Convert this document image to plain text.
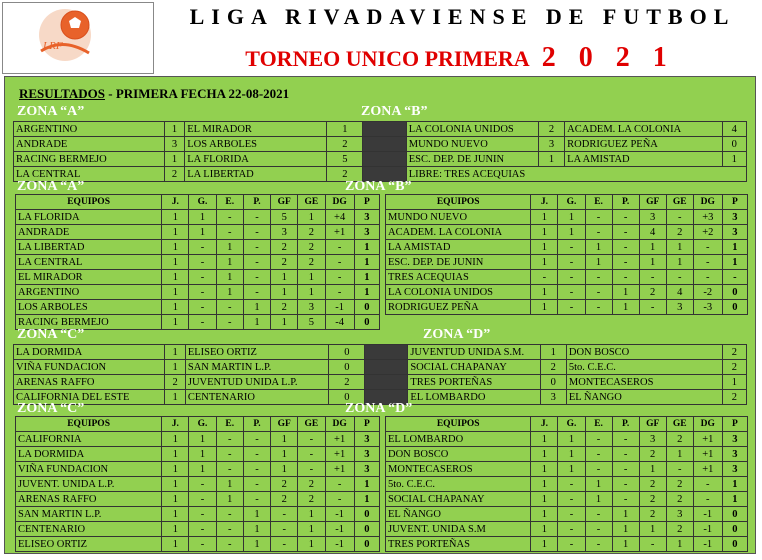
LRF
LIGA RIVADAVIENSE DE FUTBOL
TORNEO UNICO PRIMERA 2 0 2 1
RESULTADOS - PRIMERA FECHA 22-08-2021
ZONA “A”	ZONA “B”
ARGENTINO	1	EL MIRADOR	1		LA COLONIA UNIDOS	2	ACADEM. LA COLONIA	4
ANDRADE	3	LOS ARBOLES	2		MUNDO NUEVO	3	RODRIGUEZ PEÑA	0
RACING BERMEJO	1	LA FLORIDA	5		ESC. DEP. DE JUNIN	1	LA AMISTAD	1
LA CENTRAL	2	LA LIBERTAD	2		LIBRE: TRES ACEQUIAS			
ZONA “A”	ZONA “B”
EQUIPOS	J.	G.	E.	P.	GF	GE	DG	P
LA FLORIDA	1	1	-	-	5	1	+4	3
ANDRADE	1	1	-	-	3	2	+1	3
LA LIBERTAD	1	-	1	-	2	2	-	1
LA CENTRAL	1	-	1	-	2	2	-	1
EL MIRADOR	1	-	1	-	1	1	-	1
ARGENTINO	1	-	1	-	1	1	-	1
LOS ARBOLES	1	-	-	1	2	3	-1	0
RACING BERMEJO	1	-	-	1	1	5	-4	0
EQUIPOS	J.	G.	E.	P.	GF	GE	DG	P
MUNDO NUEVO	1	1	-	-	3	-	+3	3
ACADEM. LA COLONIA	1	1	-	-	4	2	+2	3
LA AMISTAD	1	-	1	-	1	1	-	1
ESC. DEP. DE JUNIN	1	-	1	-	1	1	-	1
TRES ACEQUIAS	-	-	-	-	-	-	-	-
LA COLONIA UNIDOS	1	-	-	1	2	4	-2	0
RODRIGUEZ PEÑA	1	-	-	1	-	3	-3	0
ZONA “C”	ZONA “D”
LA DORMIDA	1	ELISEO ORTIZ	0		JUVENTUD UNIDA S.M.	1	DON BOSCO	2
VIÑA FUNDACION	1	SAN MARTIN L.P.	0		SOCIAL CHAPANAY	2	5to. C.E.C.	2
ARENAS RAFFO	2	JUVENTUD UNIDA L.P.	2		TRES PORTEÑAS	0	MONTECASEROS	1
CALIFORNIA DEL ESTE	1	CENTENARIO	0		EL LOMBARDO	3	EL ÑANGO	2
ZONA “C”	ZONA “D”
EQUIPOS	J.	G.	E.	P.	GF	GE	DG	P
CALIFORNIA	1	1	-	-	1	-	+1	3
LA DORMIDA	1	1	-	-	1	-	+1	3
VIÑA FUNDACION	1	1	-	-	1	-	+1	3
JUVENT. UNIDA L.P.	1	-	1	-	2	2	-	1
ARENAS RAFFO	1	-	1	-	2	2	-	1
SAN MARTIN L.P.	1	-	-	1	-	1	-1	0
CENTENARIO	1	-	-	1	-	1	-1	0
ELISEO ORTIZ	1	-	-	1	-	1	-1	0
EQUIPOS	J.	G.	E.	P.	GF	GE	DG	P
EL LOMBARDO	1	1	-	-	3	2	+1	3
DON BOSCO	1	1	-	-	2	1	+1	3
MONTECASEROS	1	1	-	-	1	-	+1	3
5to. C.E.C.	1	-	1	-	2	2	-	1
SOCIAL CHAPANAY	1	-	1	-	2	2	-	1
EL ÑANGO	1	-	-	1	2	3	-1	0
JUVENT. UNIDA S.M	1	-	-	1	1	2	-1	0
TRES PORTEÑAS	1	-	-	1	-	1	-1	0
